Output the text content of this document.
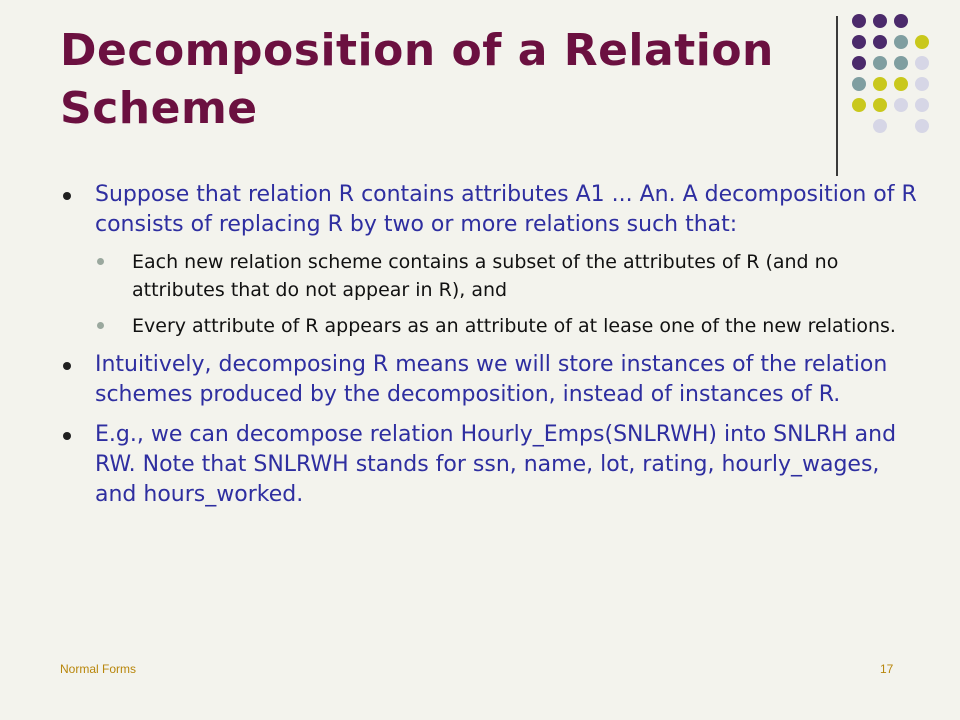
Decomposition of a Relation Scheme
Suppose that relation R contains attributes A1 ... An. A decomposition of R consists of replacing R by two or more relations such that:
Each new relation scheme contains a subset of the attributes of R (and no attributes that do not appear in R), and
Every attribute of R appears as an attribute of at lease one of the new relations.
Intuitively, decomposing R means we will store instances of the relation schemes produced by the decomposition, instead of instances of R.
E.g., we can decompose relation Hourly_Emps(SNLRWH) into SNLRH and RW. Note that SNLRWH stands for ssn, name, lot, rating, hourly_wages, and hours_worked.
Normal Forms	17
